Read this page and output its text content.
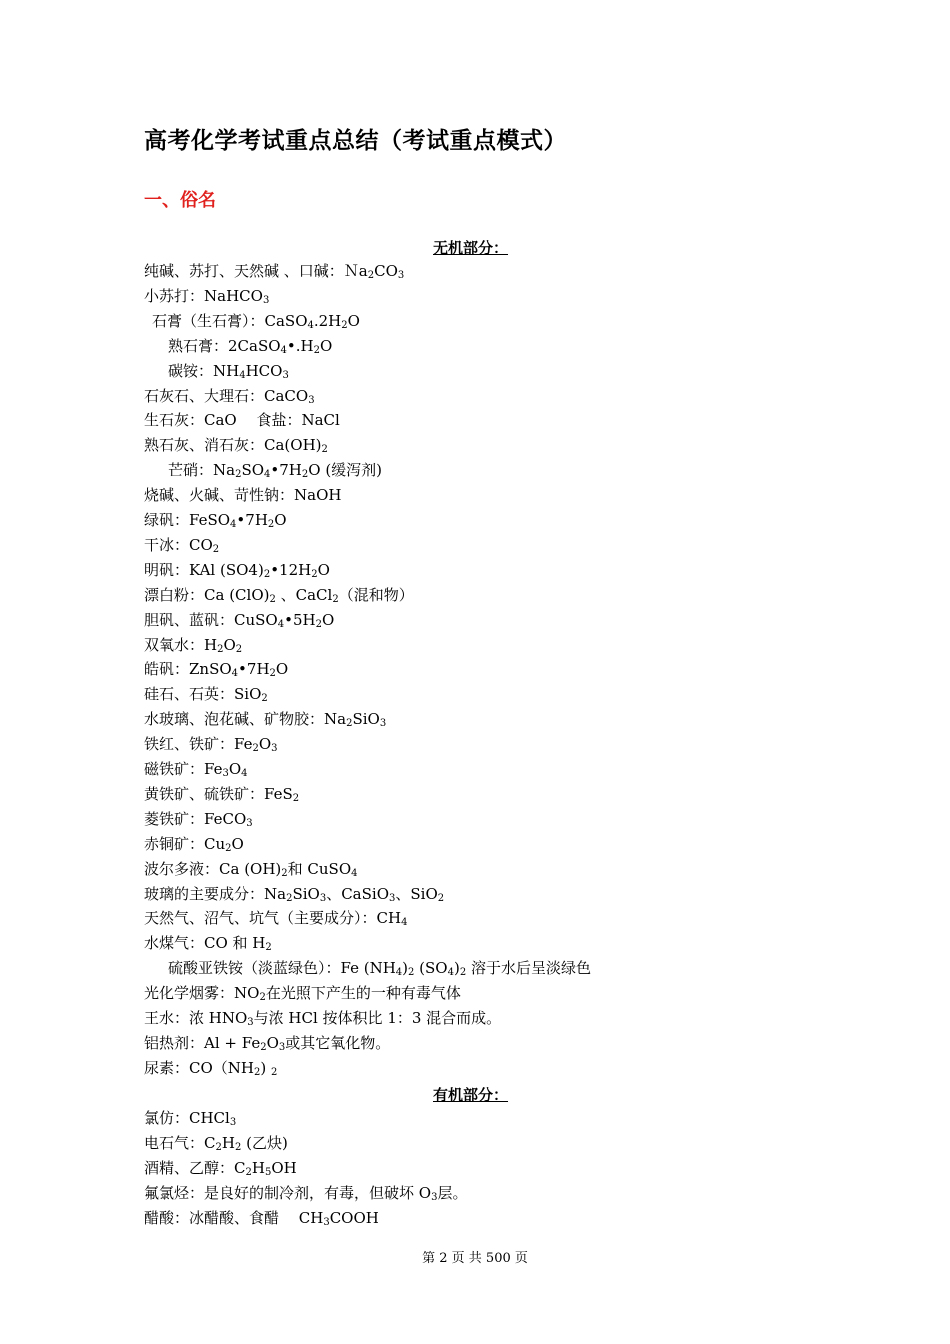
高考化学考试重点总结（考试重点模式）
一、俗名
无机部分：
纯碱、苏打、天然碱 、口碱：$Na_2CO_3$
小苏打：NaHCO$_3$
石膏（生石膏）：$CaSO_4.2H_2O$
熟石膏：$2CaSO_4•.H_2O$
碳铵：$NH_4HCO_3$
石灰石、大理石：CaCO$_3$
生石灰：CaO　 食盐：NaCl
熟石灰、消石灰：$Ca(OH)_2$
芒硝：$Na_2SO_4•7H_2O$ (缓泻剂)
烧碱、火碱、苛性钠：NaOH
绿矾：$FeSO_4•7H_2O$
干冰：$CO_2$
明矾：KAl $(SO4)_2•12H_2O$
漂白粉：Ca $(ClO)_2$ 、CaCl$_2$（混和物）
胆矾、蓝矾：$CuSO_4•5H_2O$
双氧水：$H_2O_2$
皓矾：$ZnSO_4•7H_2O$
硅石、石英：SiO$_2$
水玻璃、泡花碱、矿物胶：$Na_2SiO_3$
铁红、铁矿：$Fe_2O_3$
磁铁矿：$Fe_3O_4$
黄铁矿、硫铁矿：FeS$_2$
菱铁矿：FeCO$_3$
赤铜矿：$Cu_2O$
波尔多液：Ca $(OH)_2$和 CuSO$_4$
玻璃的主要成分：$Na_2SiO_3$、CaSiO$_3$、SiO$_2$
天然气、沼气、坑气（主要成分）：$CH_4$
水煤气：CO 和 $H_2$
硫酸亚铁铵（淡蓝绿色）：Fe $(NH_4)_2$ $(SO_4)_2$ 溶于水后呈淡绿色
光化学烟雾：$NO_2$在光照下产生的一种有毒气体
王水：浓 $HNO_3$与浓 HCl 按体积比 1：3 混合而成。
铝热剂：$Al + Fe_2O_3$或其它氧化物。
尿素：$CO(NH_2)$ $_2$
有机部分：
氯仿：CHCl$_3$
电石气：$C_2H_2$ (乙炔)
酒精、乙醇：$C_2H_5OH$
氟氯烃：是良好的制冷剂，有毒，但破坏 $O_3$层。
醋酸：冰醋酸、食醋　 $CH_3COOH$
第 2 页 共 500 页
